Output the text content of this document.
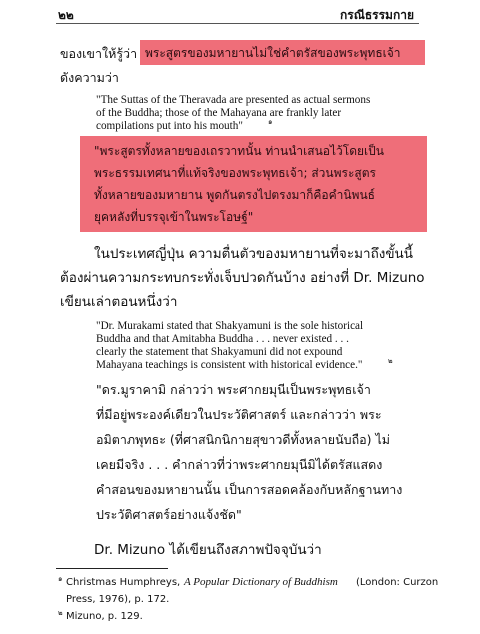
๒๒	กรณีธรรมกาย
ของเขาให้รู้ว่า พระสูตรของมหายานไม่ใช่คำตรัสของพระพุทธเจ้า
ดังความว่า
"The Suttas of the Theravada are presented as actual sermons
of the Buddha; those of the Mahayana are frankly later
compilations put into his mouth"	๑
"พระสูตรทั้งหลายของเถรวาทนั้น ท่านนำเสนอไว้โดยเป็น
พระธรรมเทศนาที่แท้จริงของพระพุทธเจ้า; ส่วนพระสูตร
ทั้งหลายของมหายาน พูดกันตรงไปตรงมาก็คือคำนิพนธ์
ยุคหลังที่บรรจุเข้าในพระโอษฐ์"
ในประเทศญี่ปุ่น ความตื่นตัวของมหายานที่จะมาถึงขั้นนี้
ต้องผ่านความกระทบกระทั่งเจ็บปวดกันบ้าง อย่างที่ Dr. Mizuno
เขียนเล่าตอนหนึ่งว่า
"Dr. Murakami stated that Shakyamuni is the sole historical
Buddha and that Amitabha Buddha . . . never existed . . .
clearly the statement that Shakyamuni did not expound
Mahayana teachings is consistent with historical evidence."	๒
"ดร.มูราคามิ กล่าวว่า พระศากยมุนีเป็นพระพุทธเจ้า
ที่มีอยู่พระองค์เดียวในประวัติศาสตร์ และกล่าวว่า พระ
อมิตาภพุทธะ (ที่ศาสนิกนิกายสุขาวดีทั้งหลายนับถือ) ไม่
เคยมีจริง . . . คำกล่าวที่ว่าพระศากยมุนีมิได้ตรัสแสดง
คำสอนของมหายานนั้น เป็นการสอดคล้องกับหลักฐานทาง
ประวัติศาสตร์อย่างแจ้งชัด"
Dr. Mizuno ได้เขียนถึงสภาพปัจจุบันว่า
๑ Christmas Humphreys, A Popular Dictionary of Buddhism (London: Curzon
Press, 1976), p. 172.
๒ Mizuno, p. 129.
